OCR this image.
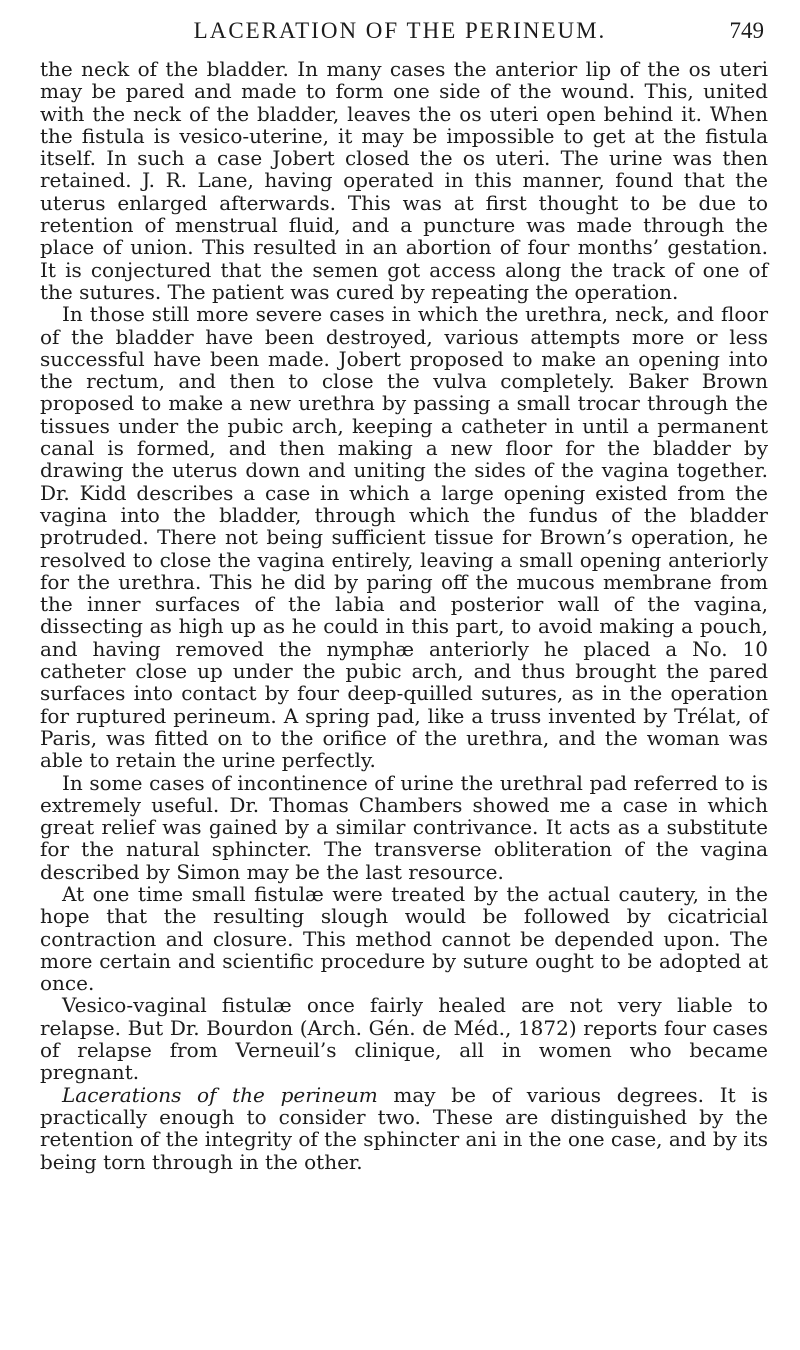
LACERATION OF THE PERINEUM.	749

the neck of the bladder. In many cases the anterior lip of the os uteri may be pared and made to form one side of the wound. This, united with the neck of the bladder, leaves the os uteri open behind it. When the fistula is vesico-uterine, it may be impossible to get at the fistula itself. In such a case Jobert closed the os uteri. The urine was then retained. J. R. Lane, having operated in this manner, found that the uterus enlarged afterwards. This was at first thought to be due to retention of menstrual fluid, and a puncture was made through the place of union. This resulted in an abortion of four months’ gestation. It is conjectured that the semen got access along the track of one of the sutures. The patient was cured by repeating the operation.

In those still more severe cases in which the urethra, neck, and floor of the bladder have been destroyed, various attempts more or less successful have been made. Jobert proposed to make an opening into the rectum, and then to close the vulva completely. Baker Brown proposed to make a new urethra by passing a small trocar through the tissues under the pubic arch, keeping a catheter in until a permanent canal is formed, and then making a new floor for the bladder by drawing the uterus down and uniting the sides of the vagina together. Dr. Kidd describes a case in which a large opening existed from the vagina into the bladder, through which the fundus of the bladder protruded. There not being sufficient tissue for Brown’s operation, he resolved to close the vagina entirely, leaving a small opening anteriorly for the urethra. This he did by paring off the mucous membrane from the inner surfaces of the labia and posterior wall of the vagina, dissecting as high up as he could in this part, to avoid making a pouch, and having removed the nymphæ anteriorly he placed a No. 10 catheter close up under the pubic arch, and thus brought the pared surfaces into contact by four deep-quilled sutures, as in the operation for ruptured perineum. A spring pad, like a truss invented by Trélat, of Paris, was fitted on to the orifice of the urethra, and the woman was able to retain the urine perfectly.

In some cases of incontinence of urine the urethral pad referred to is extremely useful. Dr. Thomas Chambers showed me a case in which great relief was gained by a similar contrivance. It acts as a substitute for the natural sphincter. The transverse obliteration of the vagina described by Simon may be the last resource.

At one time small fistulæ were treated by the actual cautery, in the hope that the resulting slough would be followed by cicatricial contraction and closure. This method cannot be depended upon. The more certain and scientific procedure by suture ought to be adopted at once.

Vesico-vaginal fistulæ once fairly healed are not very liable to relapse. But Dr. Bourdon (Arch. Gén. de Méd., 1872) reports four cases of relapse from Verneuil’s clinique, all in women who became pregnant.

Lacerations of the perineum may be of various degrees. It is practically enough to consider two. These are distinguished by the retention of the integrity of the sphincter ani in the one case, and by its being torn through in the other.
